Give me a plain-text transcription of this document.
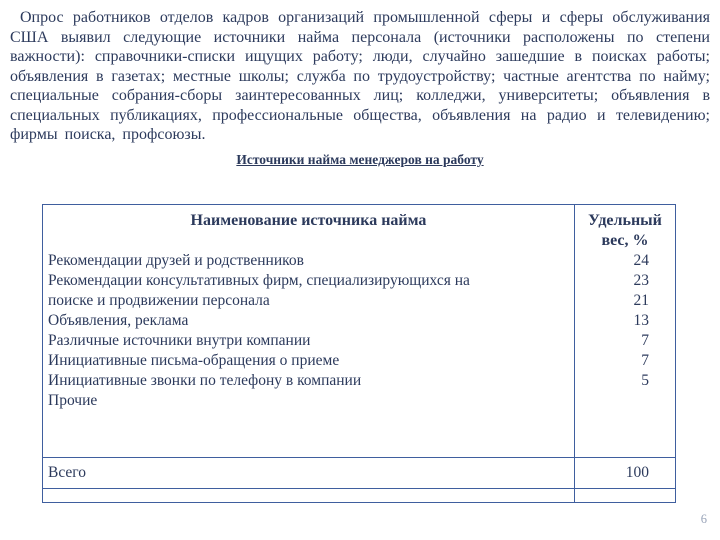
Опрос работников отделов кадров организаций промышленной сферы и сферы обслуживания США выявил следующие источники найма персонала (источники расположены по степени важности): справочники-списки ищущих работу; люди, случайно зашедшие в поисках работы; объявления в газетах; местные школы; служба по трудоустройству; частные агентства по найму; специальные собрания-сборы заинтересованных лиц; колледжи, университеты; объявления в специальных публикациях, профессиональные общества, объявления на радио и телевидению; фирмы поиска, профсоюзы.

Источники найма менеджеров на работу
Наименование источника найма
Рекомендации друзей и родственников
Рекомендации консультативных фирм, специализирующихся на
поиске и продвижении персонала
Объявления, реклама
Различные источники внутри компании
Инициативные письма-обращения о приеме
Инициативные звонки по телефону в компании
Прочие
Удельный вес, %
24
23
21
13
7
7
5
Всего	100
6
